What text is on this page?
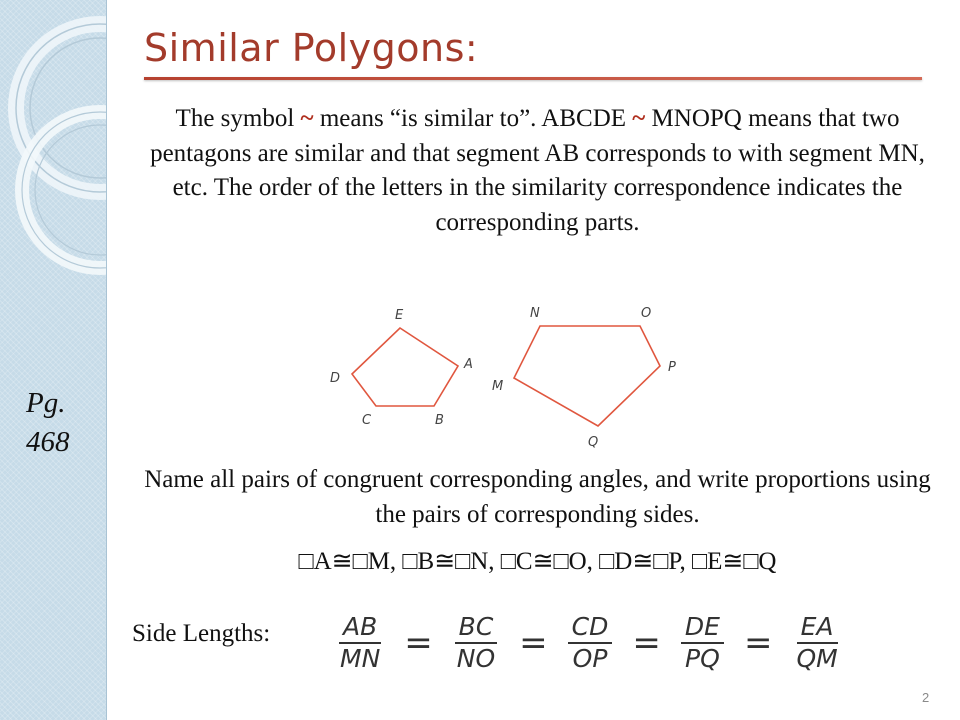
Similar Polygons:
The symbol ~ means “is similar to”. ABCDE ~ MNOPQ means that two pentagons are similar and that segment AB corresponds to with segment MN, etc. The order of the letters in the similarity correspondence indicates the corresponding parts.
Pg.
468
E
A
B
C
D
N	O
P
Q
M
Name all pairs of congruent corresponding angles, and write proportions using the pairs of corresponding sides.
□A≅□M, □B≅□N, □C≅□O, □D≅□P, □E≅□Q
Side Lengths:	$\frac{AB}{MN} = \frac{BC}{NO} = \frac{CD}{OP} = \frac{DE}{PQ} = \frac{EA}{QM}$
2
